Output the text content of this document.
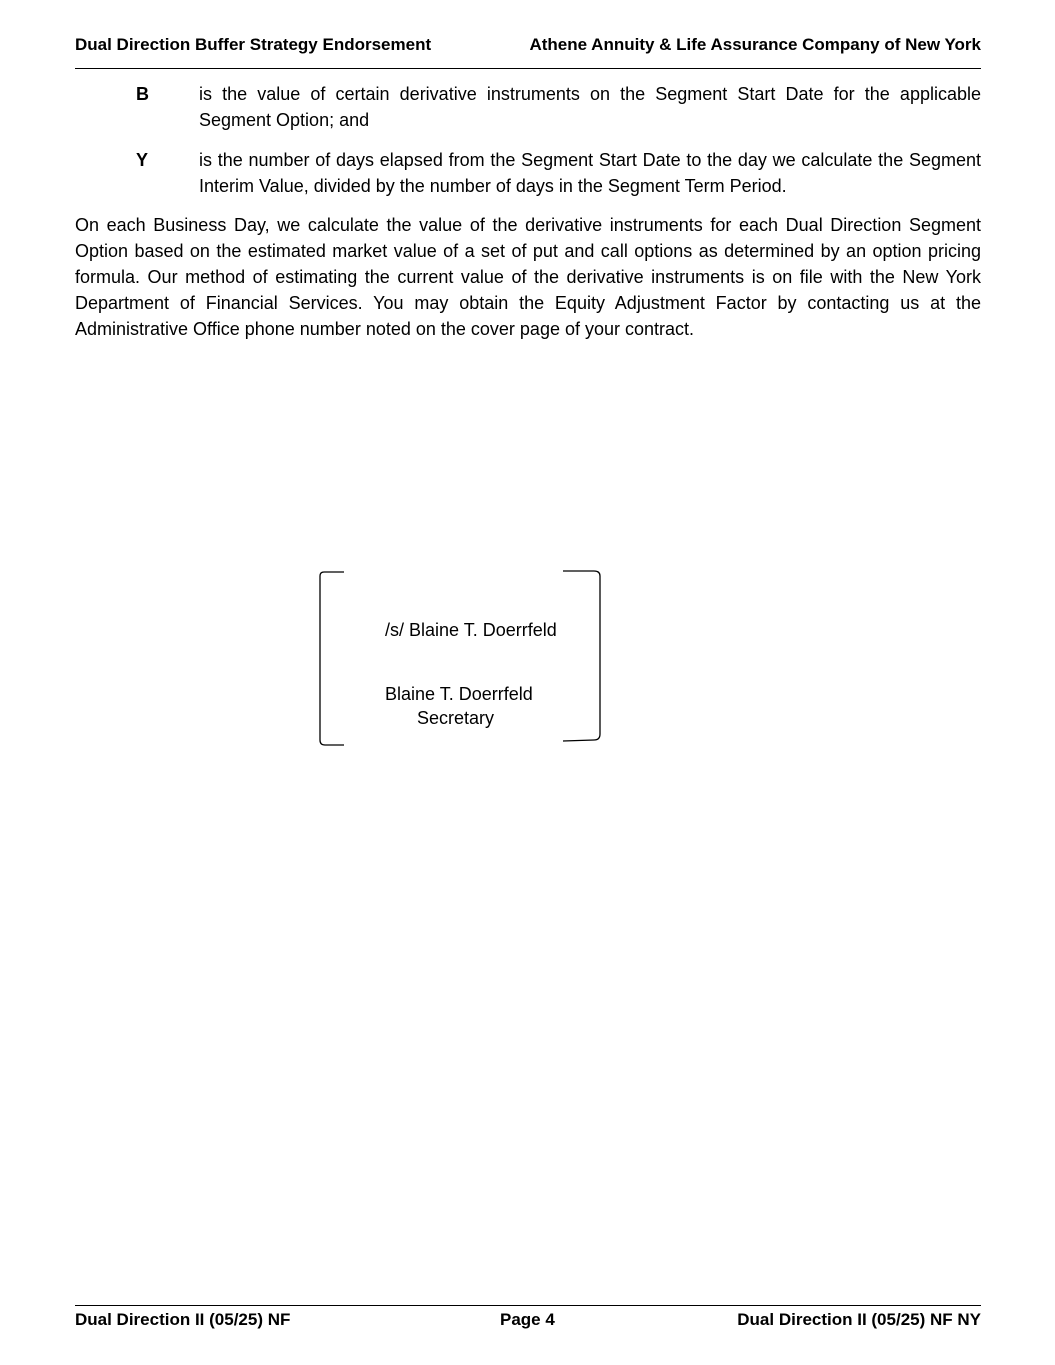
Dual Direction Buffer Strategy Endorsement	Athene Annuity & Life Assurance Company of New York
B	is the value of certain derivative instruments on the Segment Start Date for the applicable Segment Option; and
Y	is the number of days elapsed from the Segment Start Date to the day we calculate the Segment Interim Value, divided by the number of days in the Segment Term Period.

On each Business Day, we calculate the value of the derivative instruments for each Dual Direction Segment Option based on the estimated market value of a set of put and call options as determined by an option pricing formula. Our method of estimating the current value of the derivative instruments is on file with the New York Department of Financial Services. You may obtain the Equity Adjustment Factor by contacting us at the Administrative Office phone number noted on the cover page of your contract.

/s/ Blaine T. Doerrfeld
Blaine T. Doerrfeld
Secretary
Dual Direction II (05/25) NF	Page 4	Dual Direction II (05/25) NF NY
